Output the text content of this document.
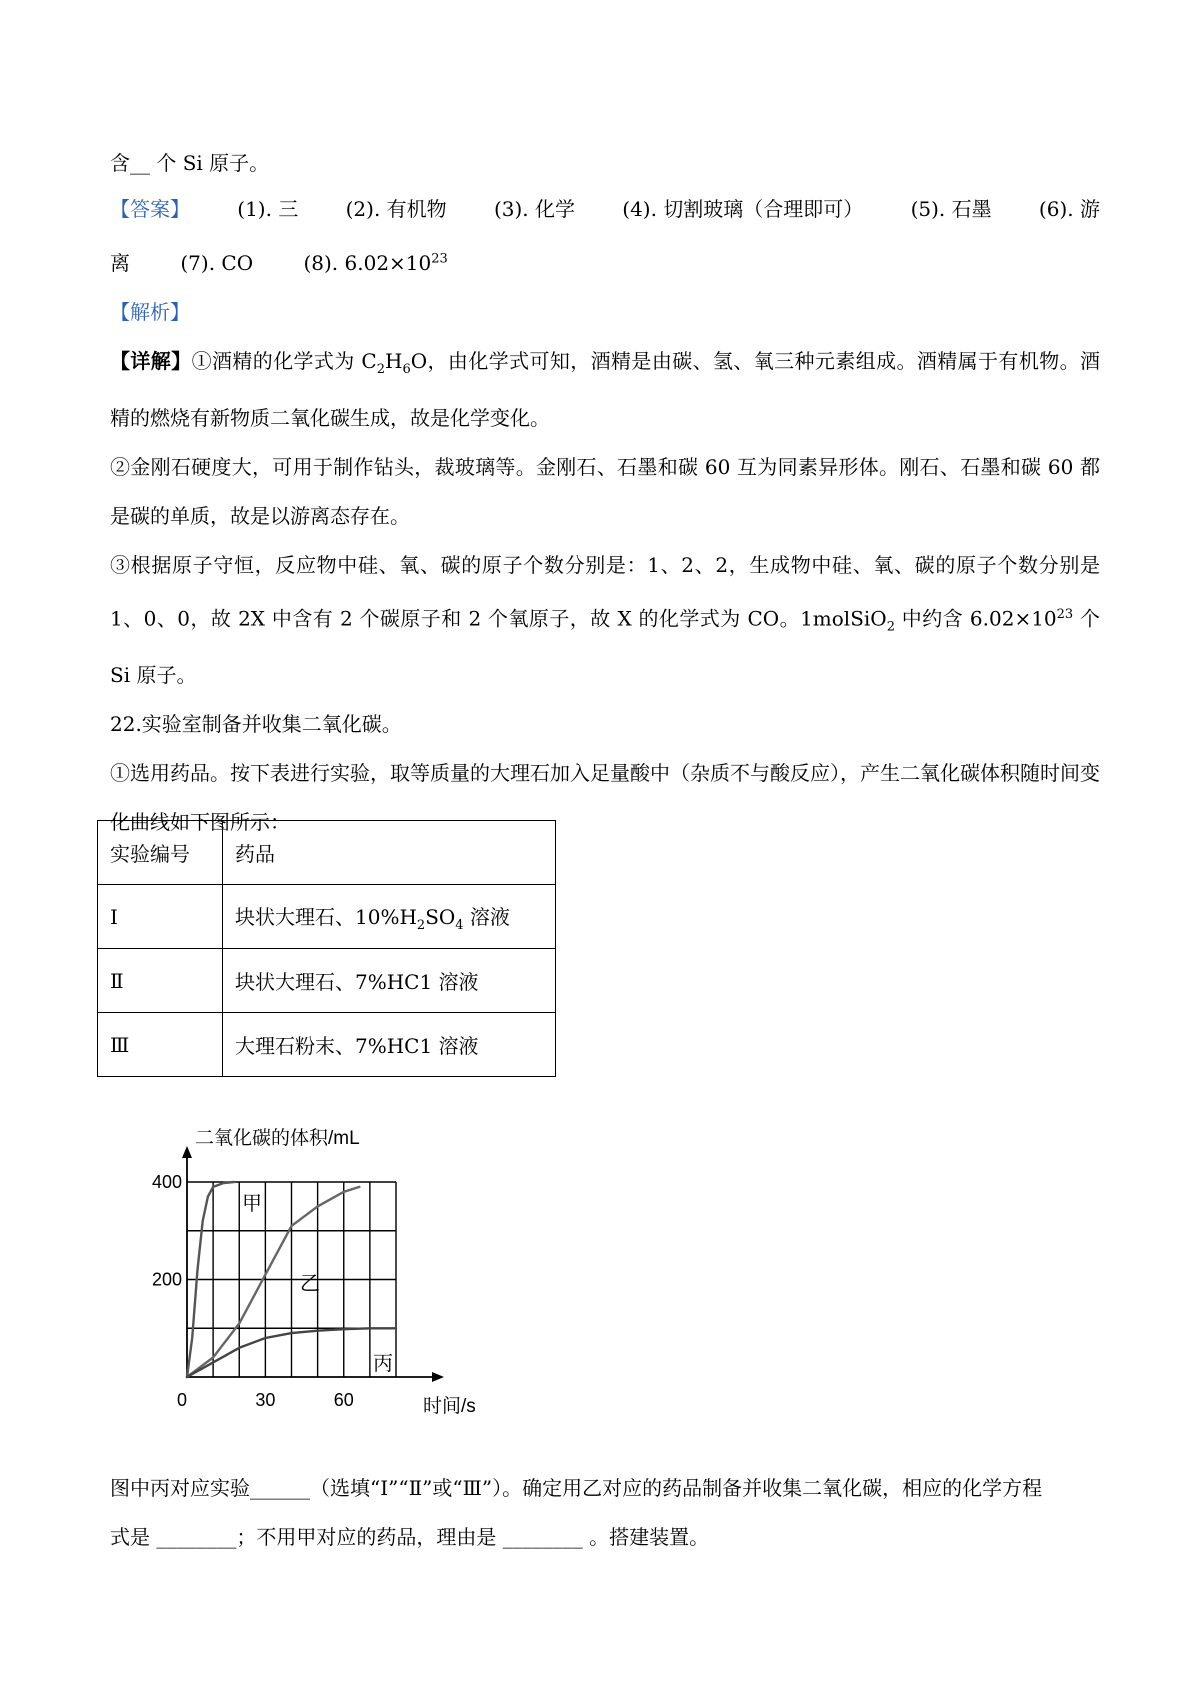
含__ 个 Si 原子。

【答案】 (1). 三 (2). 有机物 (3). 化学 (4). 切割玻璃（合理即可） (5). 石墨 (6). 游
离	(7). CO	(8). $6.02\times 10^{23}$

【解析】

【详解】①酒精的化学式为 $C_2H_6O$，由化学式可知，酒精是由碳、氢、氧三种元素组成。酒精属于有机物。酒精的燃烧有新物质二氧化碳生成，故是化学变化。

②金刚石硬度大，可用于制作钻头，裁玻璃等。金刚石、石墨和碳 60 互为同素异形体。刚石、石墨和碳 60 都是碳的单质，故是以游离态存在。

③根据原子守恒，反应物中硅、氧、碳的原子个数分别是：1、2、2，生成物中硅、氧、碳的原子个数分别是 1、0、0，故 2X 中含有 2 个碳原子和 2 个氧原子，故 X 的化学式为 CO。1molSiO$_2$ 中约含 $6.02\times 10^{23}$ 个 Si 原子。

22.实验室制备并收集二氧化碳。

①选用药品。按下表进行实验，取等质量的大理石加入足量酸中（杂质不与酸反应），产生二氧化碳体积随时间变化曲线如下图所示：

实验编号	药品
Ⅰ	块状大理石、$10\%H_2SO_4$ 溶液
Ⅱ	块状大理石、7%HC1 溶液
Ⅲ	大理石粉末、7%HC1 溶液
二氧化碳的体积/mL
时间/s
0	30	60
200
400
甲
乙
丙

图中丙对应实验______（选填“Ⅰ”“Ⅱ”或“Ⅲ”）。确定用乙对应的药品制备并收集二氧化碳，相应的化学方程

式是 ________；不用甲对应的药品，理由是 ________ 。搭建装置。
